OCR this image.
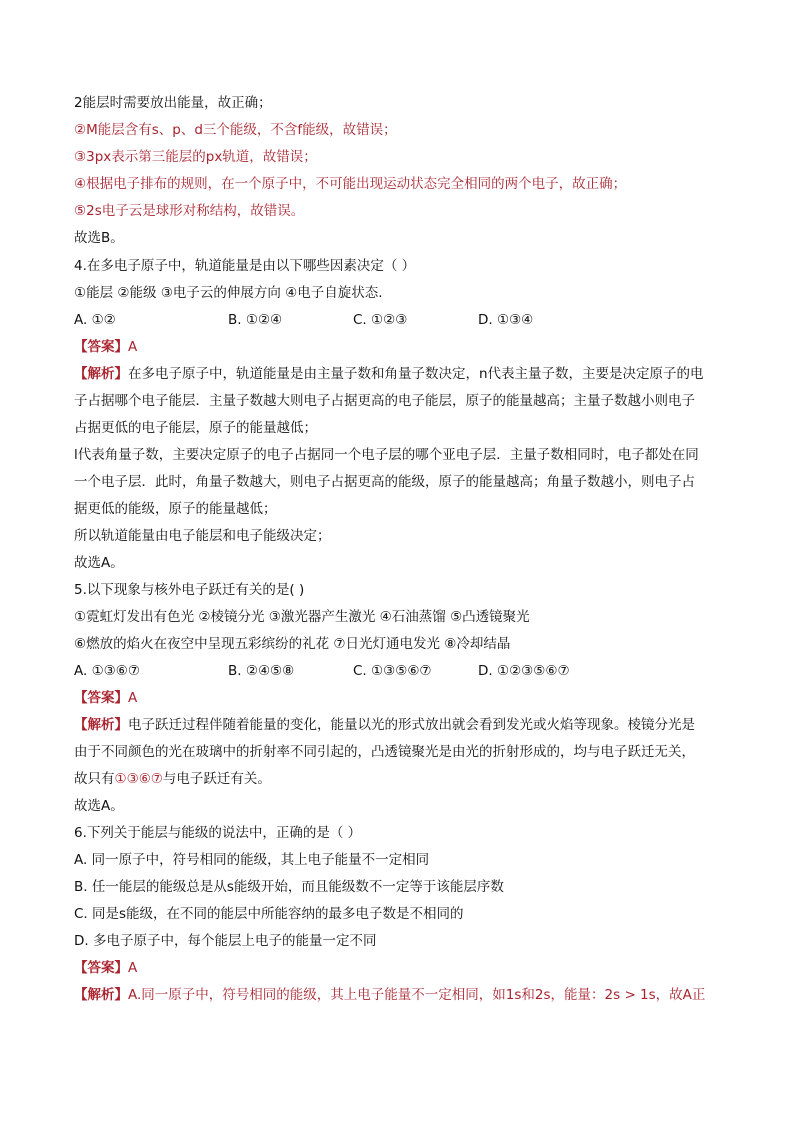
2能层时需要放出能量，故正确；
②M能层含有s、p、d三个能级，不含f能级，故错误；
③3px表示第三能层的px轨道，故错误；
④根据电子排布的规则，在一个原子中，不可能出现运动状态完全相同的两个电子，故正确；
⑤2s电子云是球形对称结构，故错误。
故选B。
4.在多电子原子中，轨道能量是由以下哪些因素决定（ ）
①能层 ②能级 ③电子云的伸展方向 ④电子自旋状态.
A. ①②	B. ①②④	C. ①②③	D. ①③④
【答案】A
【解析】在多电子原子中，轨道能量是由主量子数和角量子数决定，n代表主量子数，主要是决定原子的电
子占据哪个电子能层．主量子数越大则电子占据更高的电子能层，原子的能量越高；主量子数越小则电子
占据更低的电子能层，原子的能量越低；
l代表角量子数，主要决定原子的电子占据同一个电子层的哪个亚电子层．主量子数相同时，电子都处在同
一个电子层．此时，角量子数越大，则电子占据更高的能级，原子的能量越高；角量子数越小，则电子占
据更低的能级，原子的能量越低；
所以轨道能量由电子能层和电子能级决定；
故选A。
5.以下现象与核外电子跃迁有关的是( )
①霓虹灯发出有色光 ②棱镜分光 ③激光器产生激光 ④石油蒸馏 ⑤凸透镜聚光
⑥燃放的焰火在夜空中呈现五彩缤纷的礼花 ⑦日光灯通电发光 ⑧冷却结晶
A. ①③⑥⑦	B. ②④⑤⑧	C. ①③⑤⑥⑦	D. ①②③⑤⑥⑦
【答案】A
【解析】电子跃迁过程伴随着能量的变化，能量以光的形式放出就会看到发光或火焰等现象。棱镜分光是
由于不同颜色的光在玻璃中的折射率不同引起的，凸透镜聚光是由光的折射形成的，均与电子跃迁无关，
故只有①③⑥⑦与电子跃迁有关。
故选A。
6.下列关于能层与能级的说法中，正确的是（ ）
A. 同一原子中，符号相同的能级，其上电子能量不一定相同
B. 任一能层的能级总是从s能级开始，而且能级数不一定等于该能层序数
C. 同是s能级，在不同的能层中所能容纳的最多电子数是不相同的
D. 多电子原子中，每个能层上电子的能量一定不同
【答案】A
【解析】A.同一原子中，符号相同的能级，其上电子能量不一定相同，如1s和2s，能量：2s > 1s，故A正
